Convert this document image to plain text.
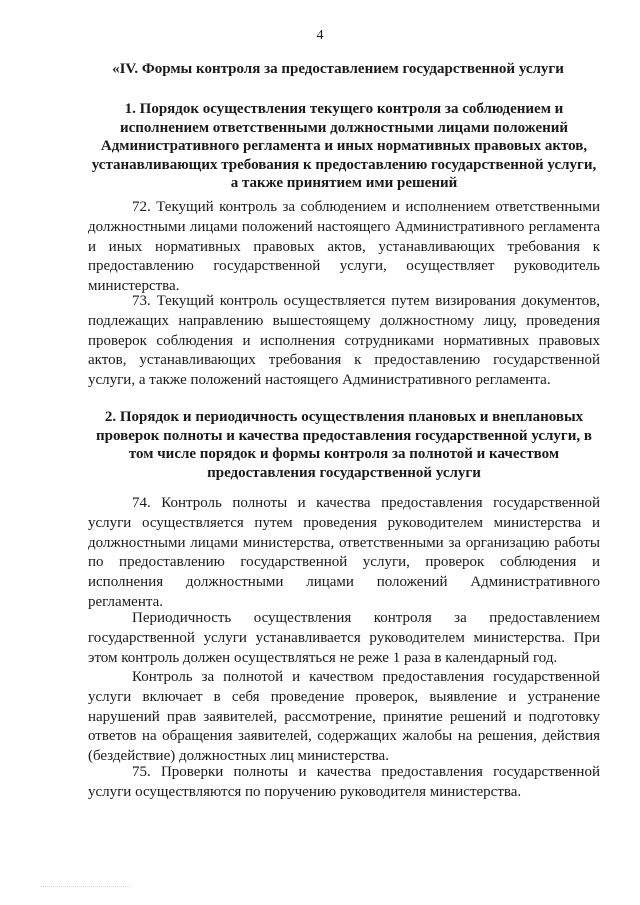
4
«IV. Формы контроля за предоставлением государственной услуги
1. Порядок осуществления текущего контроля за соблюдением и исполнением ответственными должностными лицами положений Административного регламента и иных нормативных правовых актов, устанавливающих требования к предоставлению государственной услуги, а также принятием ими решений

72. Текущий контроль за соблюдением и исполнением ответственными должностными лицами положений настоящего Административного регламента и иных нормативных правовых актов, устанавливающих требования к предоставлению государственной услуги, осуществляет руководитель министерства.

73. Текущий контроль осуществляется путем визирования документов, подлежащих направлению вышестоящему должностному лицу, проведения проверок соблюдения и исполнения сотрудниками нормативных правовых актов, устанавливающих требования к предоставлению государственной услуги, а также положений настоящего Административного регламента.

2. Порядок и периодичность осуществления плановых и внеплановых проверок полноты и качества предоставления государственной услуги, в том числе порядок и формы контроля за полнотой и качеством предоставления государственной услуги

74. Контроль полноты и качества предоставления государственной услуги осуществляется путем проведения руководителем министерства и должностными лицами министерства, ответственными за организацию работы по предоставлению государственной услуги, проверок соблюдения и исполнения должностными лицами положений Административного регламента.

Периодичность осуществления контроля за предоставлением государственной услуги устанавливается руководителем министерства. При этом контроль должен осуществляться не реже 1 раза в календарный год.

Контроль за полнотой и качеством предоставления государственной услуги включает в себя проведение проверок, выявление и устранение нарушений прав заявителей, рассмотрение, принятие решений и подготовку ответов на обращения заявителей, содержащих жалобы на решения, действия (бездействие) должностных лиц министерства.

75. Проверки полноты и качества предоставления государственной услуги осуществляются по поручению руководителя министерства.
